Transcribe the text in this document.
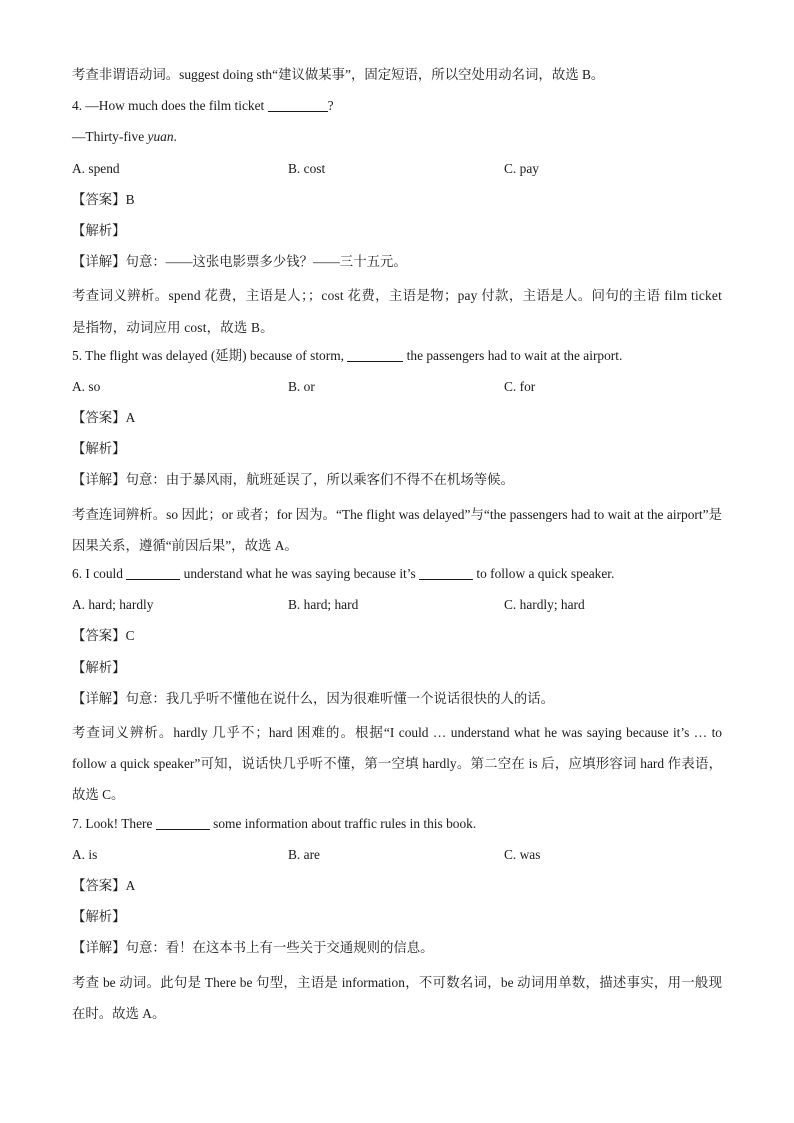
考查非谓语动词。suggest doing sth“建议做某事”，固定短语，所以空处用动名词，故选 B。
4. —How much does the film ticket	?
—Thirty-five yuan.
A. spend	B. cost	C. pay
【答案】B
【解析】
【详解】句意：——这张电影票多少钱？——三十五元。

考查词义辨析。spend 花费，主语是人；；cost 花费，主语是物；pay 付款，主语是人。问句的主语 film ticket 是指物，动词应用 cost，故选 B。

5. The flight was delayed (延期) because of storm,	the passengers had to wait at the airport.
A. so	B. or	C. for
【答案】A
【解析】
【详解】句意：由于暴风雨，航班延误了，所以乘客们不得不在机场等候。

考查连词辨析。so 因此；or 或者；for 因为。“The flight was delayed”与“the passengers had to wait at the airport”是因果关系，遵循“前因后果”，故选 A。

6. I could	understand what he was saying because it’s	to follow a quick speaker.
A. hard; hardly	B. hard; hard	C. hardly; hard
【答案】C
【解析】
【详解】句意：我几乎听不懂他在说什么，因为很难听懂一个说话很快的人的话。

考查词义辨析。hardly 几乎不；hard 困难的。根据“I could … understand what he was saying because it’s … to follow a quick speaker”可知，说话快几乎听不懂，第一空填 hardly。第二空在 is 后，应填形容词 hard 作表语，故选 C。

7. Look! There	some information about traffic rules in this book.
A. is	B. are	C. was
【答案】A
【解析】
【详解】句意：看！在这本书上有一些关于交通规则的信息。

考查 be 动词。此句是 There be 句型，主语是 information，不可数名词，be 动词用单数，描述事实，用一般现在时。故选 A。
